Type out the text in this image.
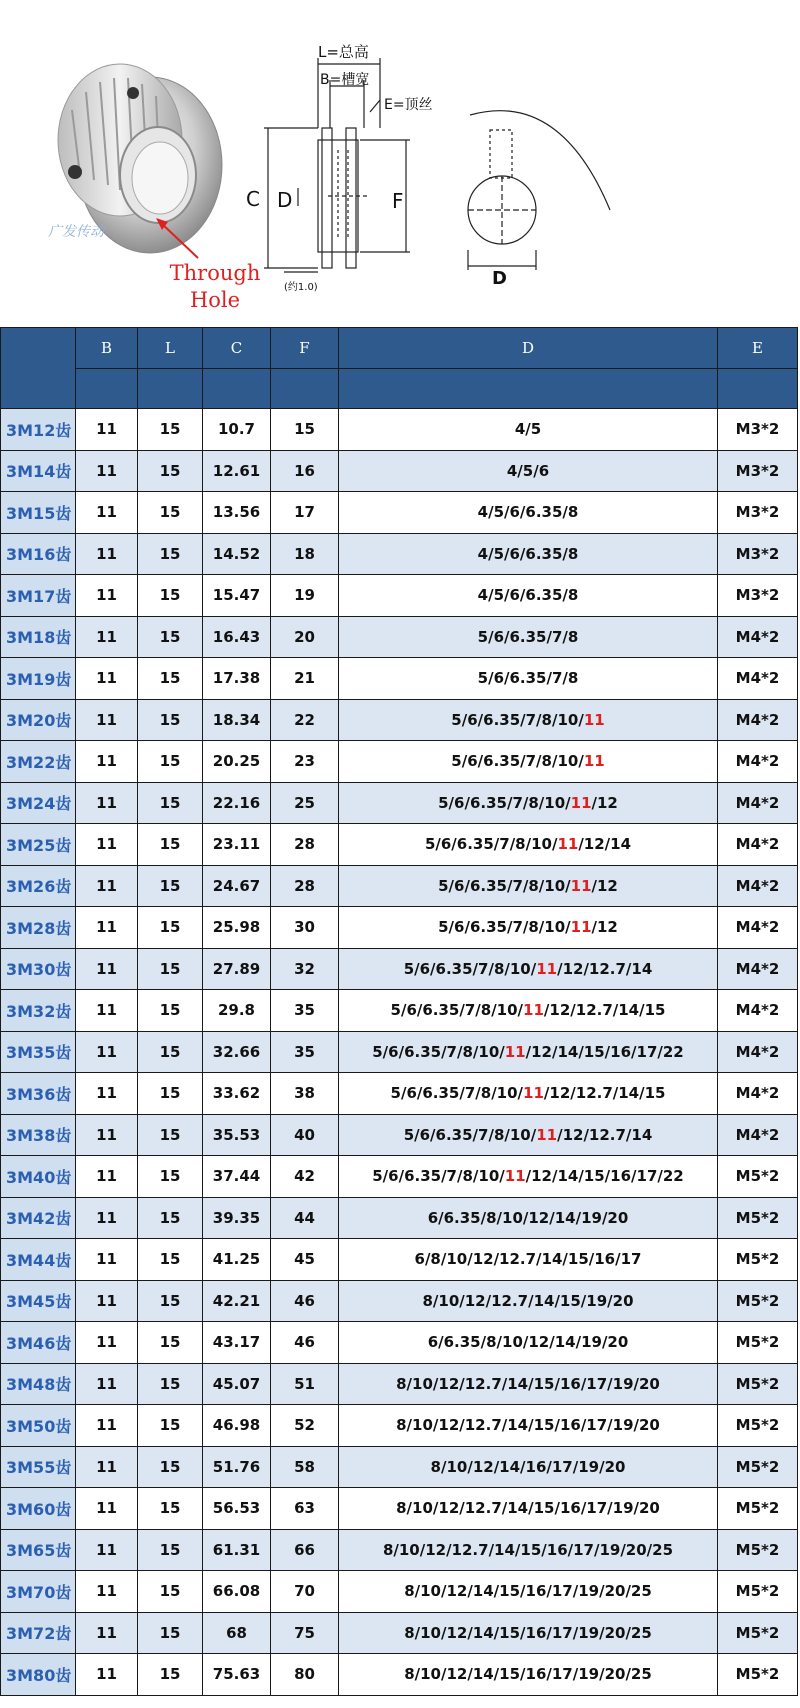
L=总高
B=槽宽
E=顶丝
C D	F
(约1.0)	D
广发传动
Through
Hole
	B	L	C	F	D	E

3M12齿	11	15	10.7	15	4/5	M3*2
3M14齿	11	15	12.61	16	4/5/6	M3*2
3M15齿	11	15	13.56	17	4/5/6/6.35/8	M3*2
3M16齿	11	15	14.52	18	4/5/6/6.35/8	M3*2
3M17齿	11	15	15.47	19	4/5/6/6.35/8	M3*2
3M18齿	11	15	16.43	20	5/6/6.35/7/8	M4*2
3M19齿	11	15	17.38	21	5/6/6.35/7/8	M4*2
3M20齿	11	15	18.34	22	5/6/6.35/7/8/10/11	M4*2
3M22齿	11	15	20.25	23	5/6/6.35/7/8/10/11	M4*2
3M24齿	11	15	22.16	25	5/6/6.35/7/8/10/11/12	M4*2
3M25齿	11	15	23.11	28	5/6/6.35/7/8/10/11/12/14	M4*2
3M26齿	11	15	24.67	28	5/6/6.35/7/8/10/11/12	M4*2
3M28齿	11	15	25.98	30	5/6/6.35/7/8/10/11/12	M4*2
3M30齿	11	15	27.89	32	5/6/6.35/7/8/10/11/12/12.7/14	M4*2
3M32齿	11	15	29.8	35	5/6/6.35/7/8/10/11/12/12.7/14/15	M4*2
3M35齿	11	15	32.66	35	5/6/6.35/7/8/10/11/12/14/15/16/17/22	M4*2
3M36齿	11	15	33.62	38	5/6/6.35/7/8/10/11/12/12.7/14/15	M4*2
3M38齿	11	15	35.53	40	5/6/6.35/7/8/10/11/12/12.7/14	M4*2
3M40齿	11	15	37.44	42	5/6/6.35/7/8/10/11/12/14/15/16/17/22	M5*2
3M42齿	11	15	39.35	44	6/6.35/8/10/12/14/19/20	M5*2
3M44齿	11	15	41.25	45	6/8/10/12/12.7/14/15/16/17	M5*2
3M45齿	11	15	42.21	46	8/10/12/12.7/14/15/19/20	M5*2
3M46齿	11	15	43.17	46	6/6.35/8/10/12/14/19/20	M5*2
3M48齿	11	15	45.07	51	8/10/12/12.7/14/15/16/17/19/20	M5*2
3M50齿	11	15	46.98	52	8/10/12/12.7/14/15/16/17/19/20	M5*2
3M55齿	11	15	51.76	58	8/10/12/14/16/17/19/20	M5*2
3M60齿	11	15	56.53	63	8/10/12/12.7/14/15/16/17/19/20	M5*2
3M65齿	11	15	61.31	66	8/10/12/12.7/14/15/16/17/19/20/25	M5*2
3M70齿	11	15	66.08	70	8/10/12/14/15/16/17/19/20/25	M5*2
3M72齿	11	15	68	75	8/10/12/14/15/16/17/19/20/25	M5*2
3M80齿	11	15	75.63	80	8/10/12/14/15/16/17/19/20/25	M5*2
